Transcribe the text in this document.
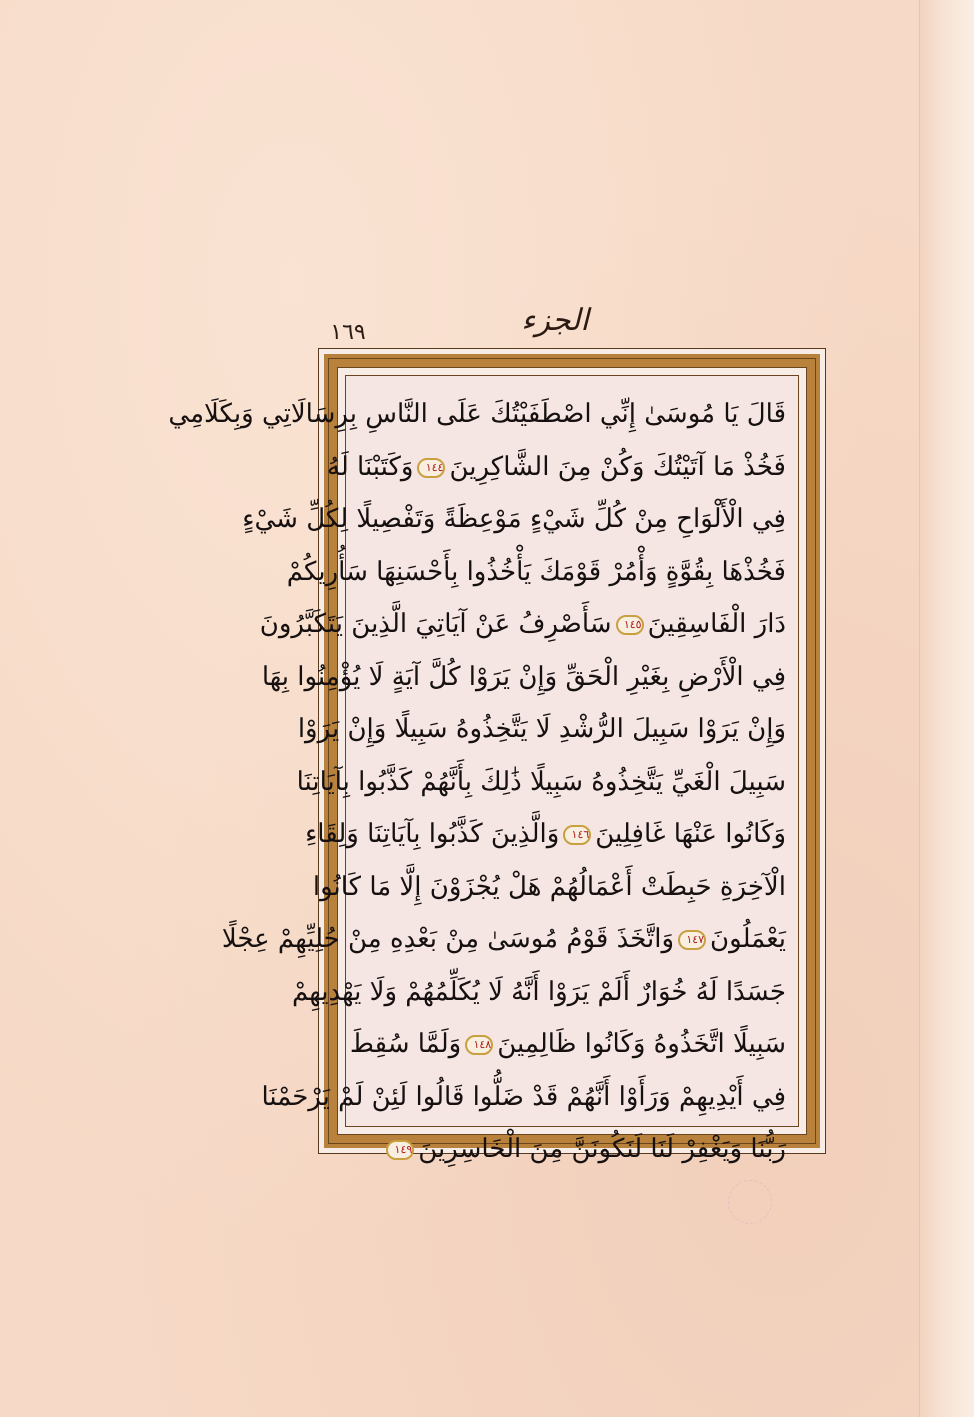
الجزء
١٦٩
قَالَ يَا مُوسَىٰ إِنِّي اصْطَفَيْتُكَ عَلَى النَّاسِ بِرِسَالَاتِي وَبِكَلَامِي
فَخُذْ مَا آتَيْتُكَ وَكُنْ مِنَ الشَّاكِرِينَ١٤٤وَكَتَبْنَا لَهُ
فِي الْأَلْوَاحِ مِنْ كُلِّ شَيْءٍ مَوْعِظَةً وَتَفْصِيلًا لِكُلِّ شَيْءٍ
فَخُذْهَا بِقُوَّةٍ وَأْمُرْ قَوْمَكَ يَأْخُذُوا بِأَحْسَنِهَا سَأُرِيكُمْ
دَارَ الْفَاسِقِينَ١٤٥سَأَصْرِفُ عَنْ آيَاتِيَ الَّذِينَ يَتَكَبَّرُونَ
فِي الْأَرْضِ بِغَيْرِ الْحَقِّ وَإِنْ يَرَوْا كُلَّ آيَةٍ لَا يُؤْمِنُوا بِهَا
وَإِنْ يَرَوْا سَبِيلَ الرُّشْدِ لَا يَتَّخِذُوهُ سَبِيلًا وَإِنْ يَرَوْا
سَبِيلَ الْغَيِّ يَتَّخِذُوهُ سَبِيلًا ذَٰلِكَ بِأَنَّهُمْ كَذَّبُوا بِآيَاتِنَا
وَكَانُوا عَنْهَا غَافِلِينَ١٤٦وَالَّذِينَ كَذَّبُوا بِآيَاتِنَا وَلِقَاءِ
الْآخِرَةِ حَبِطَتْ أَعْمَالُهُمْ هَلْ يُجْزَوْنَ إِلَّا مَا كَانُوا
يَعْمَلُونَ١٤٧وَاتَّخَذَ قَوْمُ مُوسَىٰ مِنْ بَعْدِهِ مِنْ حُلِيِّهِمْ عِجْلًا
جَسَدًا لَهُ خُوَارٌ أَلَمْ يَرَوْا أَنَّهُ لَا يُكَلِّمُهُمْ وَلَا يَهْدِيهِمْ
سَبِيلًا اتَّخَذُوهُ وَكَانُوا ظَالِمِينَ١٤٨وَلَمَّا سُقِطَ
فِي أَيْدِيهِمْ وَرَأَوْا أَنَّهُمْ قَدْ ضَلُّوا قَالُوا لَئِنْ لَمْ يَرْحَمْنَا
رَبُّنَا وَيَغْفِرْ لَنَا لَنَكُونَنَّ مِنَ الْخَاسِرِينَ١٤٩
